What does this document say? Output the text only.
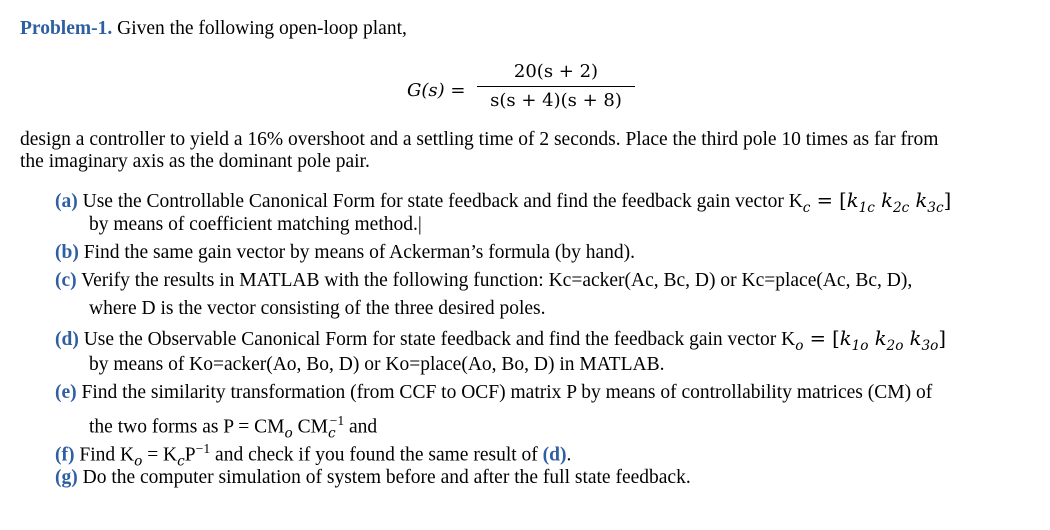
Problem-1. Given the following open-loop plant,
G(s) =
20(s + 2)
s(s + 4)(s + 8)
design a controller to yield a 16% overshoot and a settling time of 2 seconds. Place the third pole 10 times as far from
the imaginary axis as the dominant pole pair.
(a) Use the Controllable Canonical Form for state feedback and find the feedback gain vector $K_c = [k_{1c}$ $k_{2c}$ $k_{3c}$]
by means of coefficient matching method.|
(b) Find the same gain vector by means of Ackerman’s formula (by hand).
(c) Verify the results in MATLAB with the following function: Kc=acker(Ac, Bc, D) or Kc=place(Ac, Bc, D),
where D is the vector consisting of the three desired poles.
(d) Use the Observable Canonical Form for state feedback and find the feedback gain vector $K_o = [k_{1o}$ $k_{2o}$ $k_{3o}$]
by means of Ko=acker(Ao, Bo, D) or Ko=place(Ao, Bo, D) in MATLAB.
(e) Find the similarity transformation (from CCF to OCF) matrix P by means of controllability matrices (CM) of
the two forms as $P = CM_o$ $CM_c^{-1}$ and
(f) Find $K_o = K_cP^{-1}$ and check if you found the same result of (d).
(g) Do the computer simulation of system before and after the full state feedback.
